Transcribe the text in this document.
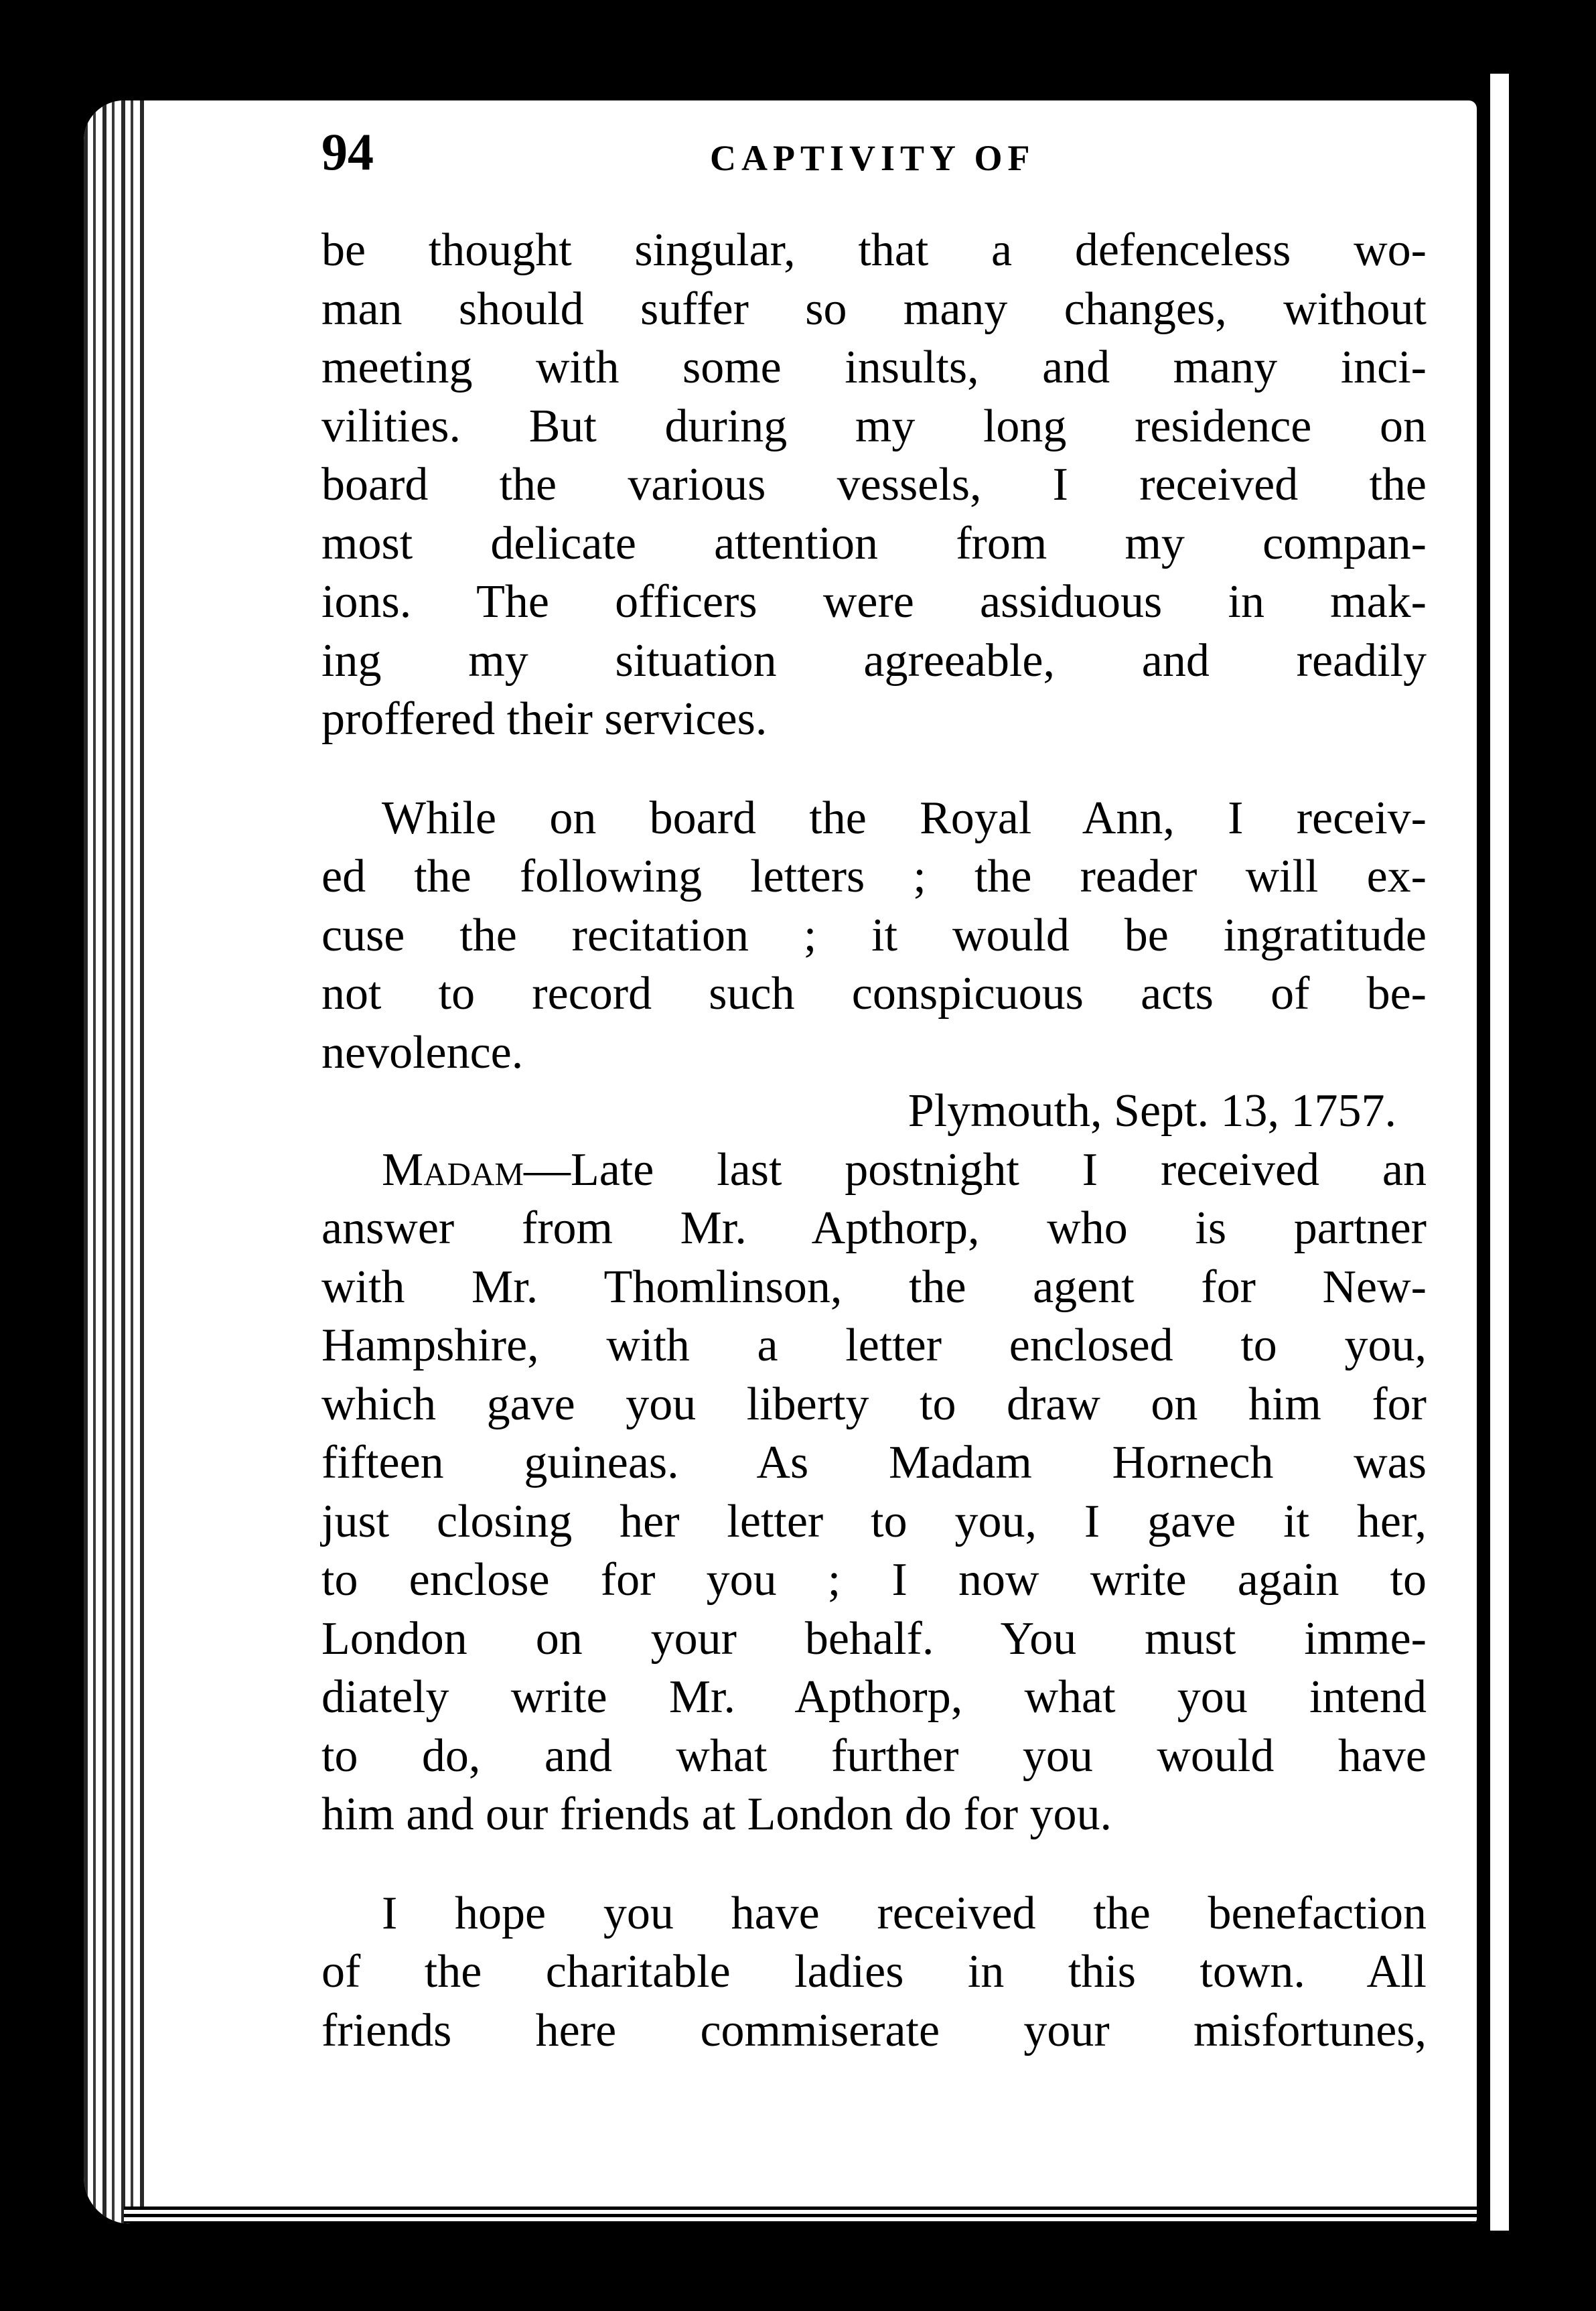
94	CAPTIVITY OF
be thought singular, that a defenceless wo-
man should suffer so many changes, without
meeting with some insults, and many inci-
vilities. But during my long residence on
board the various vessels, I received the
most delicate attention from my compan-
ions. The officers were assiduous in mak-
ing my situation agreeable, and readily
proffered their services.
While on board the Royal Ann, I receiv-
ed the following letters ; the reader will ex-
cuse the recitation ; it would be ingratitude
not to record such conspicuous acts of be-
nevolence.
Plymouth, Sept. 13, 1757.
Madam—Late last postnight I received an
answer from Mr. Apthorp, who is partner
with Mr. Thomlinson, the agent for New-
Hampshire, with a letter enclosed to you,
which gave you liberty to draw on him for
fifteen guineas. As Madam Hornech was
just closing her letter to you, I gave it her,
to enclose for you ; I now write again to
London on your behalf. You must imme-
diately write Mr. Apthorp, what you intend
to do, and what further you would have
him and our friends at London do for you.
I hope you have received the benefaction
of the charitable ladies in this town. All
friends here commiserate your misfortunes,
